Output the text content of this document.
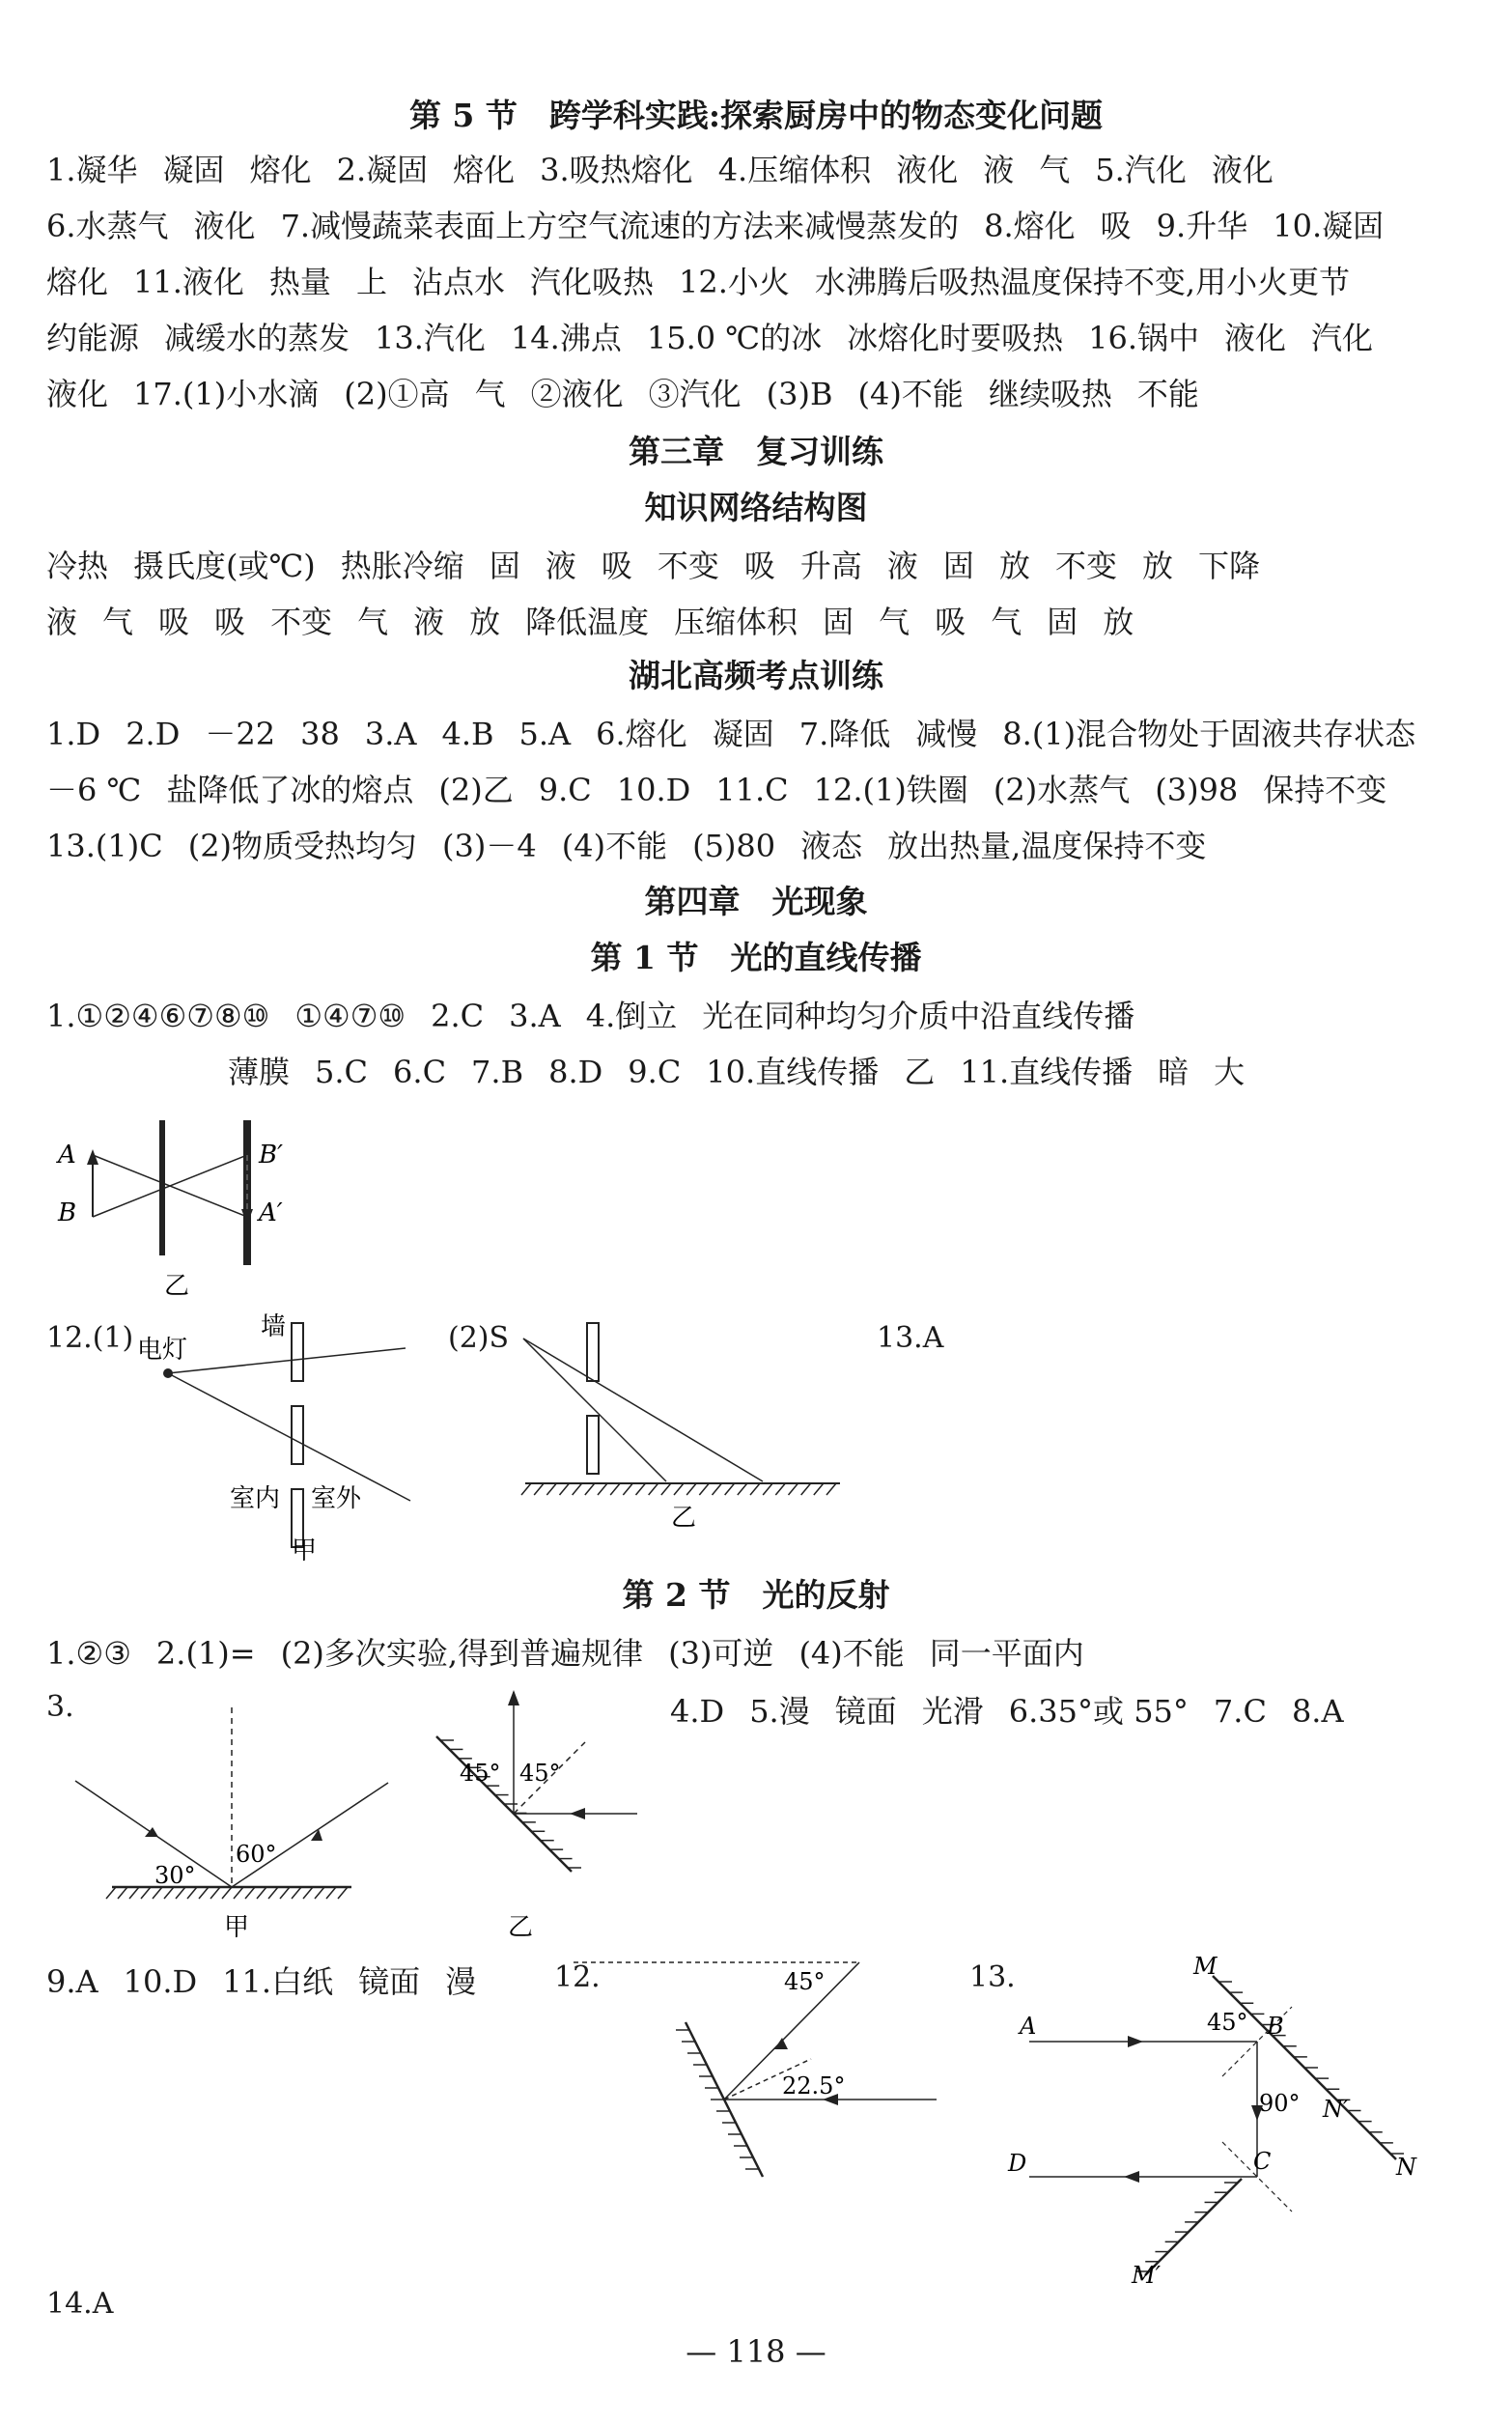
第 5 节　跨学科实践:探索厨房中的物态变化问题
1.凝华 凝固 熔化 2.凝固 熔化 3.吸热熔化 4.压缩体积 液化 液 气 5.汽化 液化
6.水蒸气 液化 7.减慢蔬菜表面上方空气流速的方法来减慢蒸发的 8.熔化 吸 9.升华 10.凝固
熔化 11.液化 热量 上 沾点水 汽化吸热 12.小火 水沸腾后吸热温度保持不变,用小火更节
约能源 减缓水的蒸发 13.汽化 14.沸点 15.0 ℃的冰 冰熔化时要吸热 16.锅中 液化 汽化
液化 17.(1)小水滴 (2)①高 气 ②液化 ③汽化 (3)B (4)不能 继续吸热 不能
第三章　复习训练
知识网络结构图
冷热 摄氏度(或℃) 热胀冷缩 固 液 吸 不变 吸 升高 液 固 放 不变 放 下降
液 气 吸 吸 不变 气 液 放 降低温度 压缩体积 固 气 吸 气 固 放
湖北高频考点训练
1.D 2.D －22 38 3.A 4.B 5.A 6.熔化 凝固 7.降低 减慢 8.(1)混合物处于固液共存状态
－6 ℃ 盐降低了冰的熔点 (2)乙 9.C 10.D 11.C 12.(1)铁圈 (2)水蒸气 (3)98 保持不变
13.(1)C (2)物质受热均匀 (3)－4 (4)不能 (5)80 液态 放出热量,温度保持不变
第四章　光现象
第 1 节　光的直线传播
1.①②④⑥⑦⑧⑩ ①④⑦⑩ 2.C 3.A 4.倒立 光在同种均匀介质中沿直线传播
薄膜 5.C 6.C 7.B 8.D 9.C 10.直线传播 乙 11.直线传播 暗 大
A
B
B′
A′
乙
12.(1) 电灯
墙
室内 室外
甲
(2)S
乙
13.A
第 2 节　光的反射
1.②③ 2.(1)= (2)多次实验,得到普遍规律 (3)可逆 (4)不能 同一平面内
3.
30°
60°
甲
45° 45°
乙
4.D 5.漫 镜面 光滑 6.35°或 55° 7.C 8.A
9.A 10.D 11.白纸 镜面 漫	12.	45°
22.5°
13.	M
M′
N
N′
A	B
C
D
45°
90°
14.A
— 118 —
